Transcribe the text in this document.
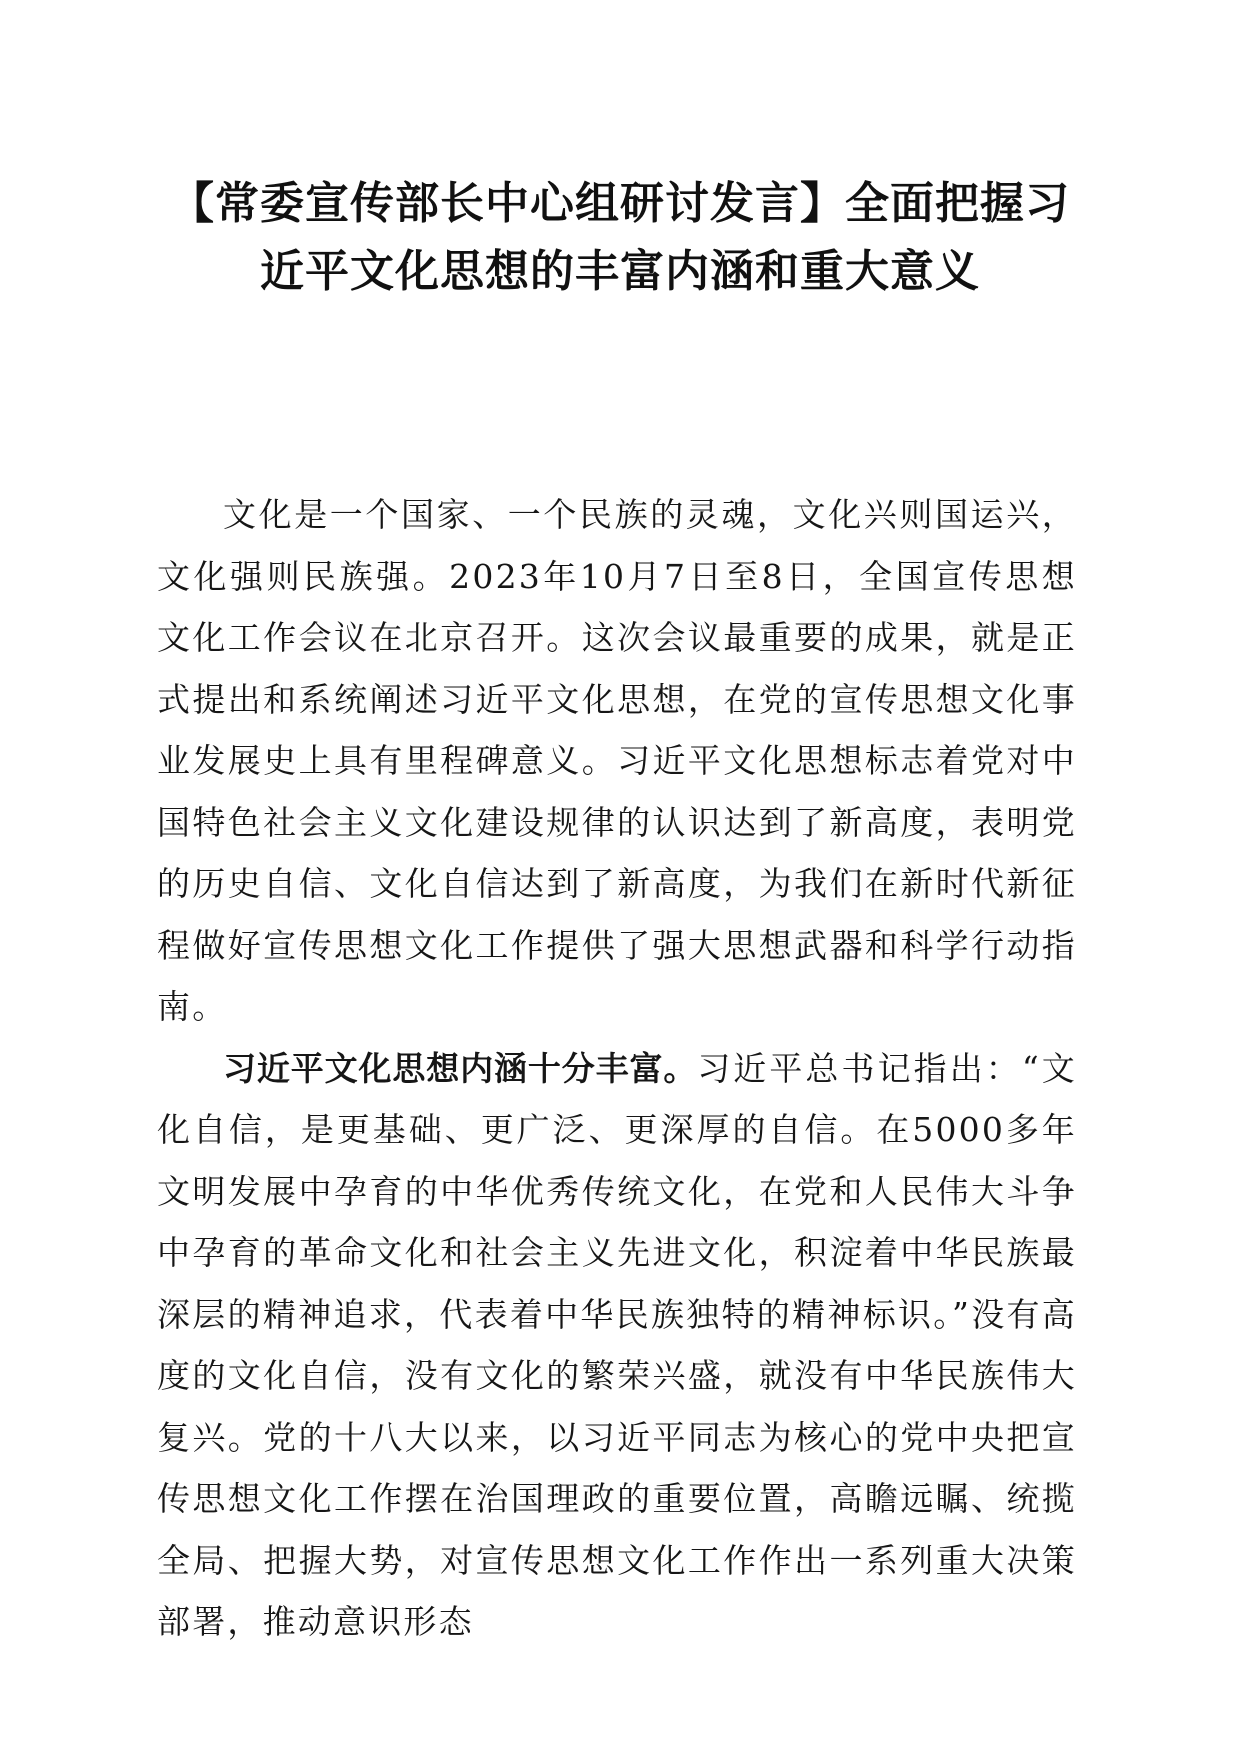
【常委宣传部长中心组研讨发言】全面把握习
近平文化思想的丰富内涵和重大意义

文化是一个国家、一个民族的灵魂，文化兴则国运兴，文化强则民族强。2023年10月7日至8日，全国宣传思想文化工作会议在北京召开。这次会议最重要的成果，就是正式提出和系统阐述习近平文化思想，在党的宣传思想文化事业发展史上具有里程碑意义。习近平文化思想标志着党对中国特色社会主义文化建设规律的认识达到了新高度，表明党的历史自信、文化自信达到了新高度，为我们在新时代新征程做好宣传思想文化工作提供了强大思想武器和科学行动指南。

习近平文化思想内涵十分丰富。习近平总书记指出：“文化自信，是更基础、更广泛、更深厚的自信。在5000多年文明发展中孕育的中华优秀传统文化，在党和人民伟大斗争中孕育的革命文化和社会主义先进文化，积淀着中华民族最深层的精神追求，代表着中华民族独特的精神标识。”没有高度的文化自信，没有文化的繁荣兴盛，就没有中华民族伟大复兴。党的十八大以来，以习近平同志为核心的党中央把宣传思想文化工作摆在治国理政的重要位置，高瞻远瞩、统揽全局、把握大势，对宣传思想文化工作作出一系列重大决策部署，推动意识形态
